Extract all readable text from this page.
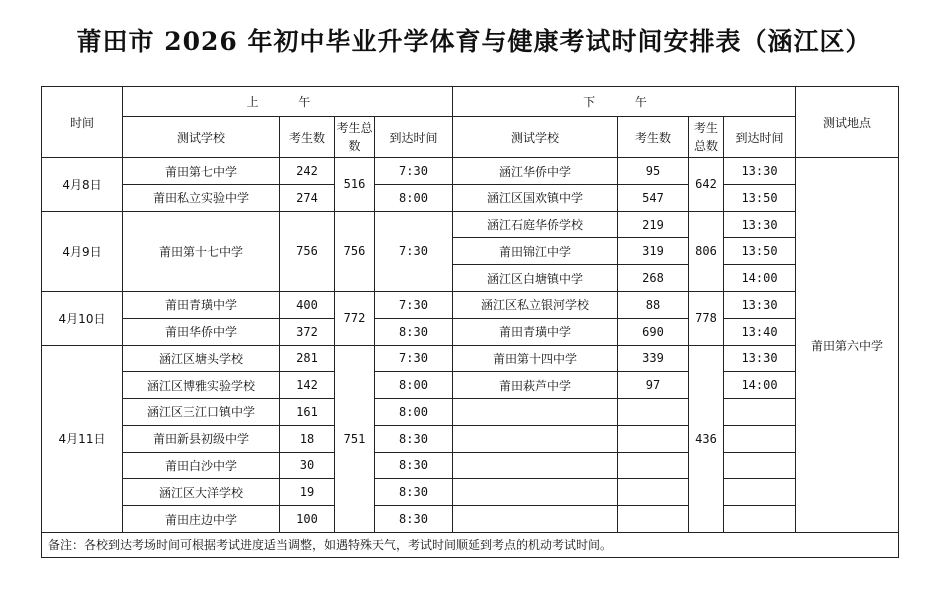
莆田市 2026 年初中毕业升学体育与健康考试时间安排表（涵江区）
时间	上 午				下 午				测试地点
	测试学校	考生数	考生总数	到达时间	测试学校	考生数	考生总数	到达时间	
4月8日	莆田第七中学	242	516	7:30	涵江华侨中学	95	642	13:30	莆田第六中学
	莆田私立实验中学	274		8:00	涵江区国欢镇中学	547		13:50	
4月9日	莆田第十七中学	756	756	7:30	涵江石庭华侨学校	219	806	13:30	
					莆田锦江中学	319		13:50	
					涵江区白塘镇中学	268		14:00	
4月10日	莆田青璜中学	400	772	7:30	涵江区私立银河学校	88	778	13:30	
	莆田华侨中学	372		8:30	莆田青璜中学	690		13:40	
4月11日	涵江区塘头学校	281	751	7:30	莆田第十四中学	339	436	13:30	
	涵江区博雅实验学校	142		8:00	莆田萩芦中学	97		14:00	
	涵江区三江口镇中学	161		8:00					
	莆田新县初级中学	18		8:30					
	莆田白沙中学	30		8:30					
	涵江区大洋学校	19		8:30					
	莆田庄边中学	100		8:30					
备注：各校到达考场时间可根据考试进度适当调整，如遇特殊天气，考试时间顺延到考点的机动考试时间。									
